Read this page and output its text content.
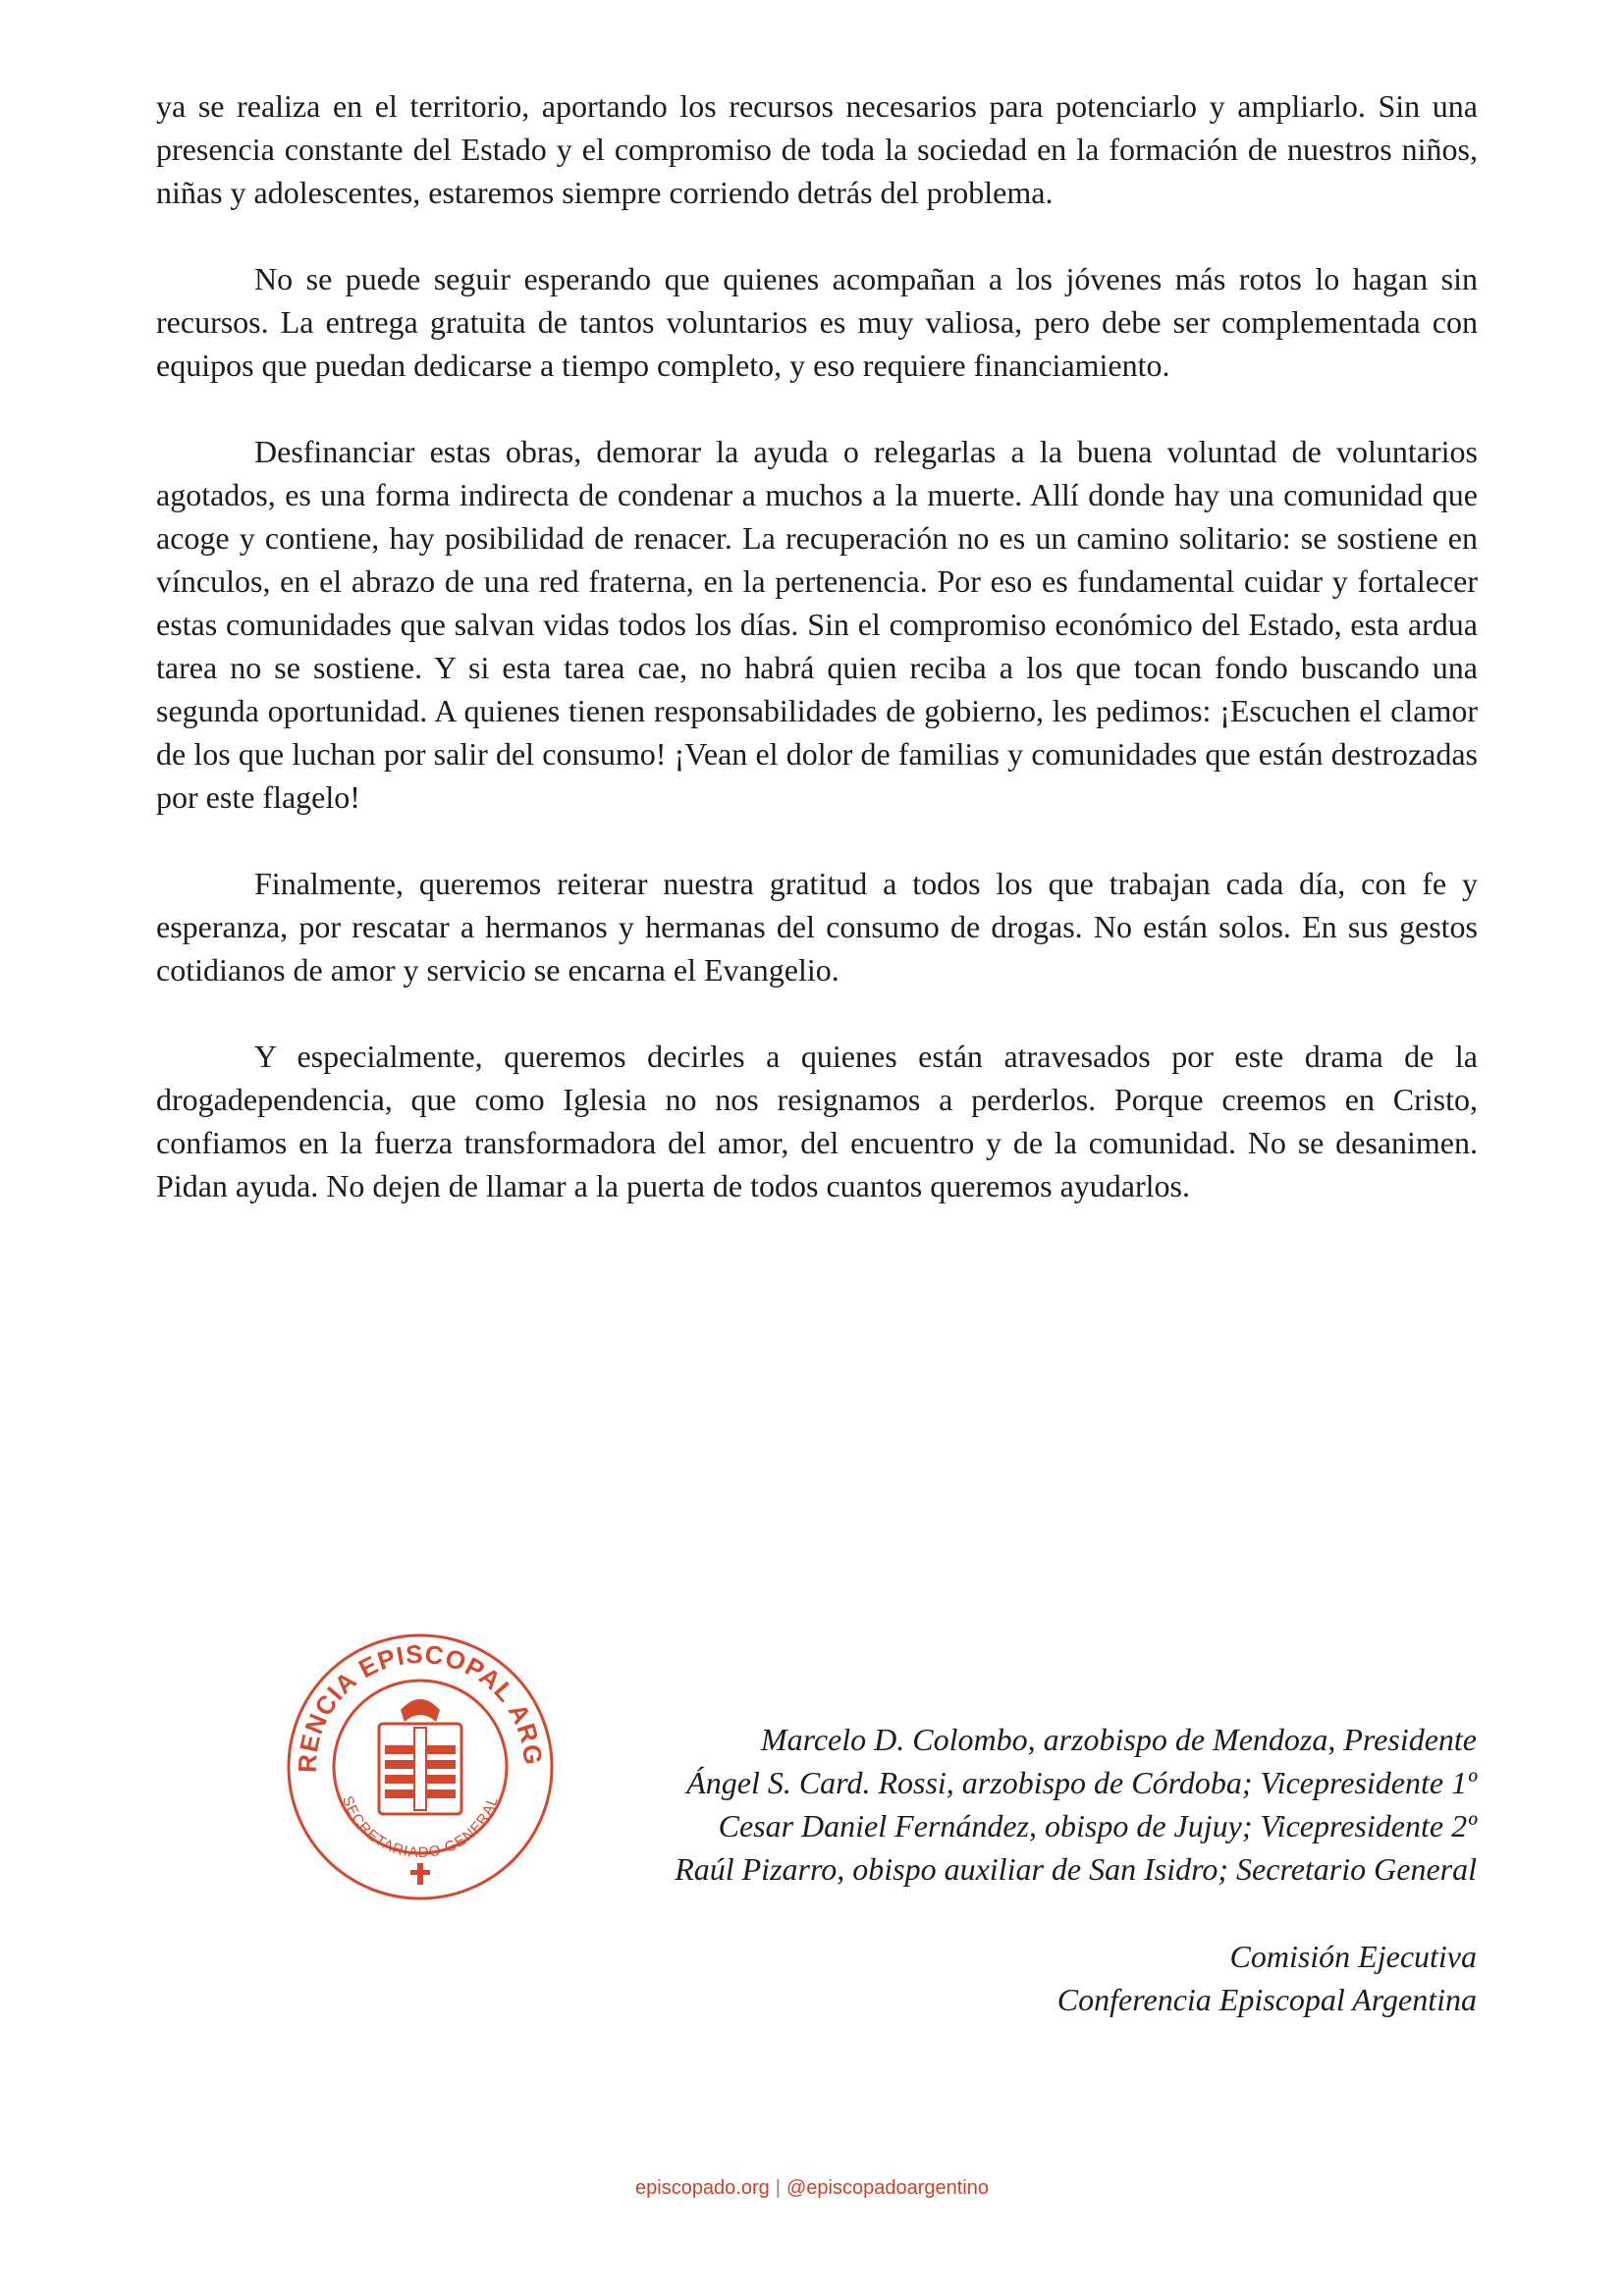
ya se realiza en el territorio, aportando los recursos necesarios para potenciarlo y ampliarlo. Sin una presencia constante del Estado y el compromiso de toda la sociedad en la formación de nuestros niños, niñas y adolescentes, estaremos siempre corriendo detrás del problema.

No se puede seguir esperando que quienes acompañan a los jóvenes más rotos lo hagan sin recursos. La entrega gratuita de tantos voluntarios es muy valiosa, pero debe ser complementada con equipos que puedan dedicarse a tiempo completo, y eso requiere financiamiento.

Desfinanciar estas obras, demorar la ayuda o relegarlas a la buena voluntad de voluntarios agotados, es una forma indirecta de condenar a muchos a la muerte. Allí donde hay una comunidad que acoge y contiene, hay posibilidad de renacer. La recuperación no es un camino solitario: se sostiene en vínculos, en el abrazo de una red fraterna, en la pertenencia. Por eso es fundamental cuidar y fortalecer estas comunidades que salvan vidas todos los días. Sin el compromiso económico del Estado, esta ardua tarea no se sostiene. Y si esta tarea cae, no habrá quien reciba a los que tocan fondo buscando una segunda oportunidad. A quienes tienen responsabilidades de gobierno, les pedimos: ¡Escuchen el clamor de los que luchan por salir del consumo! ¡Vean el dolor de familias y comunidades que están destrozadas por este flagelo!

Finalmente, queremos reiterar nuestra gratitud a todos los que trabajan cada día, con fe y esperanza, por rescatar a hermanos y hermanas del consumo de drogas. No están solos. En sus gestos cotidianos de amor y servicio se encarna el Evangelio.

Y especialmente, queremos decirles a quienes están atravesados por este drama de la drogadependencia, que como Iglesia no nos resignamos a perderlos. Porque creemos en Cristo, confiamos en la fuerza transformadora del amor, del encuentro y de la comunidad. No se desanimen. Pidan ayuda. No dejen de llamar a la puerta de todos cuantos queremos ayudarlos.

RENCIA EPISCOPAL ARG
SECRETARIADO GENERAL
Marcelo D. Colombo, arzobispo de Mendoza, Presidente
Ángel S. Card. Rossi, arzobispo de Córdoba; Vicepresidente 1º
Cesar Daniel Fernández, obispo de Jujuy; Vicepresidente 2º
Raúl Pizarro, obispo auxiliar de San Isidro; Secretario General
Comisión Ejecutiva
Conferencia Episcopal Argentina
episcopado.org | @episcopadoargentino
